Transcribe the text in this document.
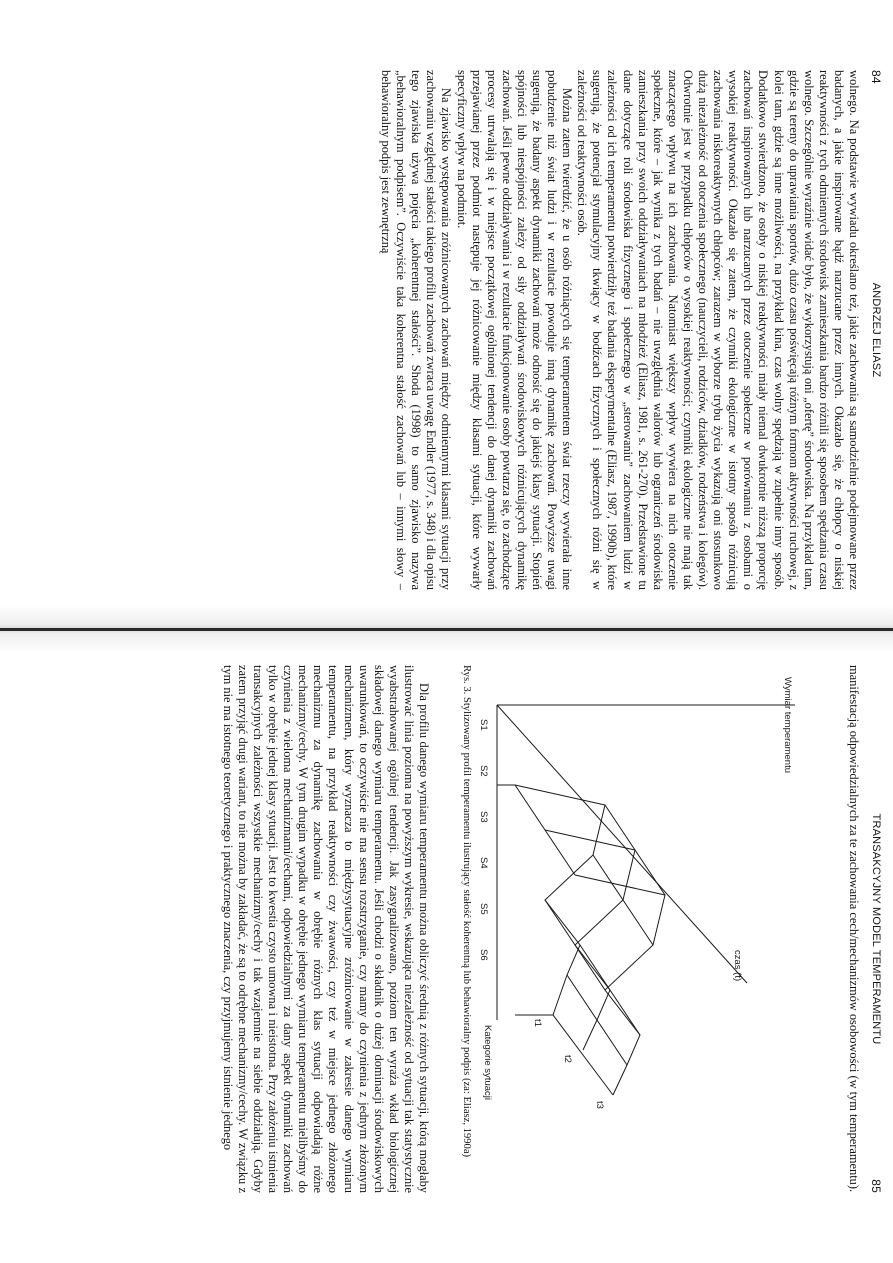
84
ANDRZEJ ELIASZ

wolnego. Na podstawie wywiadu określano też, jakie zachowania są samodzielnie podejmowane przez badanych, a jakie inspirowane bądź narzucane przez innych. Okazało się, że chłopcy o niskiej reaktywności z tych odmiennych środowisk zamieszkania bardzo różnili się sposobem spędzania czasu wolnego. Szczególnie wyraźnie widać było, że wykorzystują oni „ofertę” środowiska. Na przykład tam, gdzie są tereny do uprawiania sportów, dużo czasu poświęcają różnym formom aktywności ruchowej, z kolei tam, gdzie są inne możliwości, na przykład kina, czas wolny spędzają w zupełnie inny sposób. Dodatkowo stwierdzono, że osoby o niskiej reaktywności miały niemal dwukrotnie niższą proporcję zachowań inspirowanych lub narzucanych przez otoczenie społeczne w porównaniu z osobami o wysokiej reaktywności. Okazało się zatem, że czynniki ekologiczne w istotny sposób różnicują zachowania niskoreaktywnych chłopców; zarazem w wyborze trybu życia wykazują oni stosunkowo dużą niezależność od otoczenia społecznego (nauczycieli, rodziców, dziadków, rodzeństwa i kolegów). Odwrotnie jest w przypadku chłopców o wysokiej reaktywności; czynniki ekologiczne nie mają tak znaczącego wpływu na ich zachowania. Natomiast większy wpływ wywiera na nich otoczenie społeczne, które – jak wynika z tych badań – nie uwzględnia walorów lub ograniczeń środowiska zamieszkania przy swoich oddziaływaniach na młodzież (Eliasz, 1981, s. 261-270). Przedstawione tu dane dotyczące roli środowiska fizycznego i społecznego w „sterowaniu” zachowaniem ludzi w zależności od ich temperamentu potwierdziły też badania eksperymentalne (Eliasz, 1987, 1990b), które sugerują, że potencjał stymulacyjny tkwiący w bodźcach fizycznych i społecznych różni się w zależności od reaktywności osób.

Można zatem twierdzić, że u osób różniących się temperamentem świat rzeczy wywierała inne pobudzenie niż świat ludzi i w rezultacie powoduje inną dynamikę zachowań. Powyższe uwagi sugerują, że badany aspekt dynamiki zachowań może odnosić się do jakiejś klasy sytuacji. Stopień spójności lub niespójności zależy od siły oddziaływań środowiskowych różnicujących dynamikę zachowań. Jeśli pewne oddziaływania i w rezultacie funkcjonowanie osoby powtarza się, to zachodzące procesy utrwalają się i w miejsce początkowej ogólnionej tendencji do danej dynamiki zachowań przejawianej przez podmiot następuje jej różnicowanie między klasami sytuacji, które wywarły specyficzny wpływ na podmiot.

Na zjawisko występowania zróżnicowanych zachowań między odmiennymi klasami sytuacji przy zachowaniu względnej stałości takiego profilu zachowań zwraca uwagę Endler (1977, s. 348) i dla opisu tego zjawiska używa pojęcia „koherentnej stałości”. Shoda (1998) to samo zjawisko nazywa „behawioralnym podpisem”. Oczywiście taka koherentna stałość zachowań lub – innymi słowy – behawioralny podpis jest zewnętrzną

TRANSAKCYJNY MODEL TEMPERAMENTU
85

manifestacją odpowiedzialnych za te zachowania cech/mechanizmów osobowości (w tym temperamentu).

Wymiar temperamentu
czas (t)
S1
S2
S3
S4
S5
S6
Kategorie sytuacji
t1
t2
t3
Rys. 3. Stylizowany profil temperamentu ilustrujący stałość koherentną lub behawioralny podpis (za: Eliasz, 1990a)

Dla profilu danego wymiaru temperamentu można obliczyć średnią z różnych sytuacji, którą mogłaby ilustrować linia pozioma na powyższym wykresie, wskazująca niezależność od sytuacji tak statystycznie wyabstrahowanej ogólnej tendencji. Jak zasygnalizowano, poziom ten wyraża wkład biologicznej składowej danego wymiaru temperamentu. Jeśli chodzi o składnik o dużej dominacji środowiskowych uwarunkowań, to oczywiście nie ma sensu rozstrzyganie, czy mamy do czynienia z jednym złożonym mechanizmem, który wyznacza to międzysytuacyjne zróżnicowanie w zakresie danego wymiaru temperamentu, na przykład reaktywności czy żwawości, czy też w miejsce jednego złożonego mechanizmu za dynamikę zachowania w obrębie różnych klas sytuacji odpowiadają różne mechanizmy/cechy. W tym drugim wypadku w obrębie jednego wymiaru temperamentu mielibyśmy do czynienia z wieloma mechanizmami/cechami, odpowiedzialnymi za dany aspekt dynamiki zachowań tylko w obrębie jednej klasy sytuacji. Jest to kwestia czysto umowna i nieistotna. Przy założeniu istnienia transakcyjnych zależności wszystkie mechanizmy/cechy i tak wzajemnie na siebie oddziałują. Gdyby zatem przyjąć drugi wariant, to nie można by zakładać, że są to odrębne mechanizmy/cechy. W związku z tym nie ma istotnego teoretycznego i praktycznego znaczenia, czy przyjmujemy istnienie jednego
